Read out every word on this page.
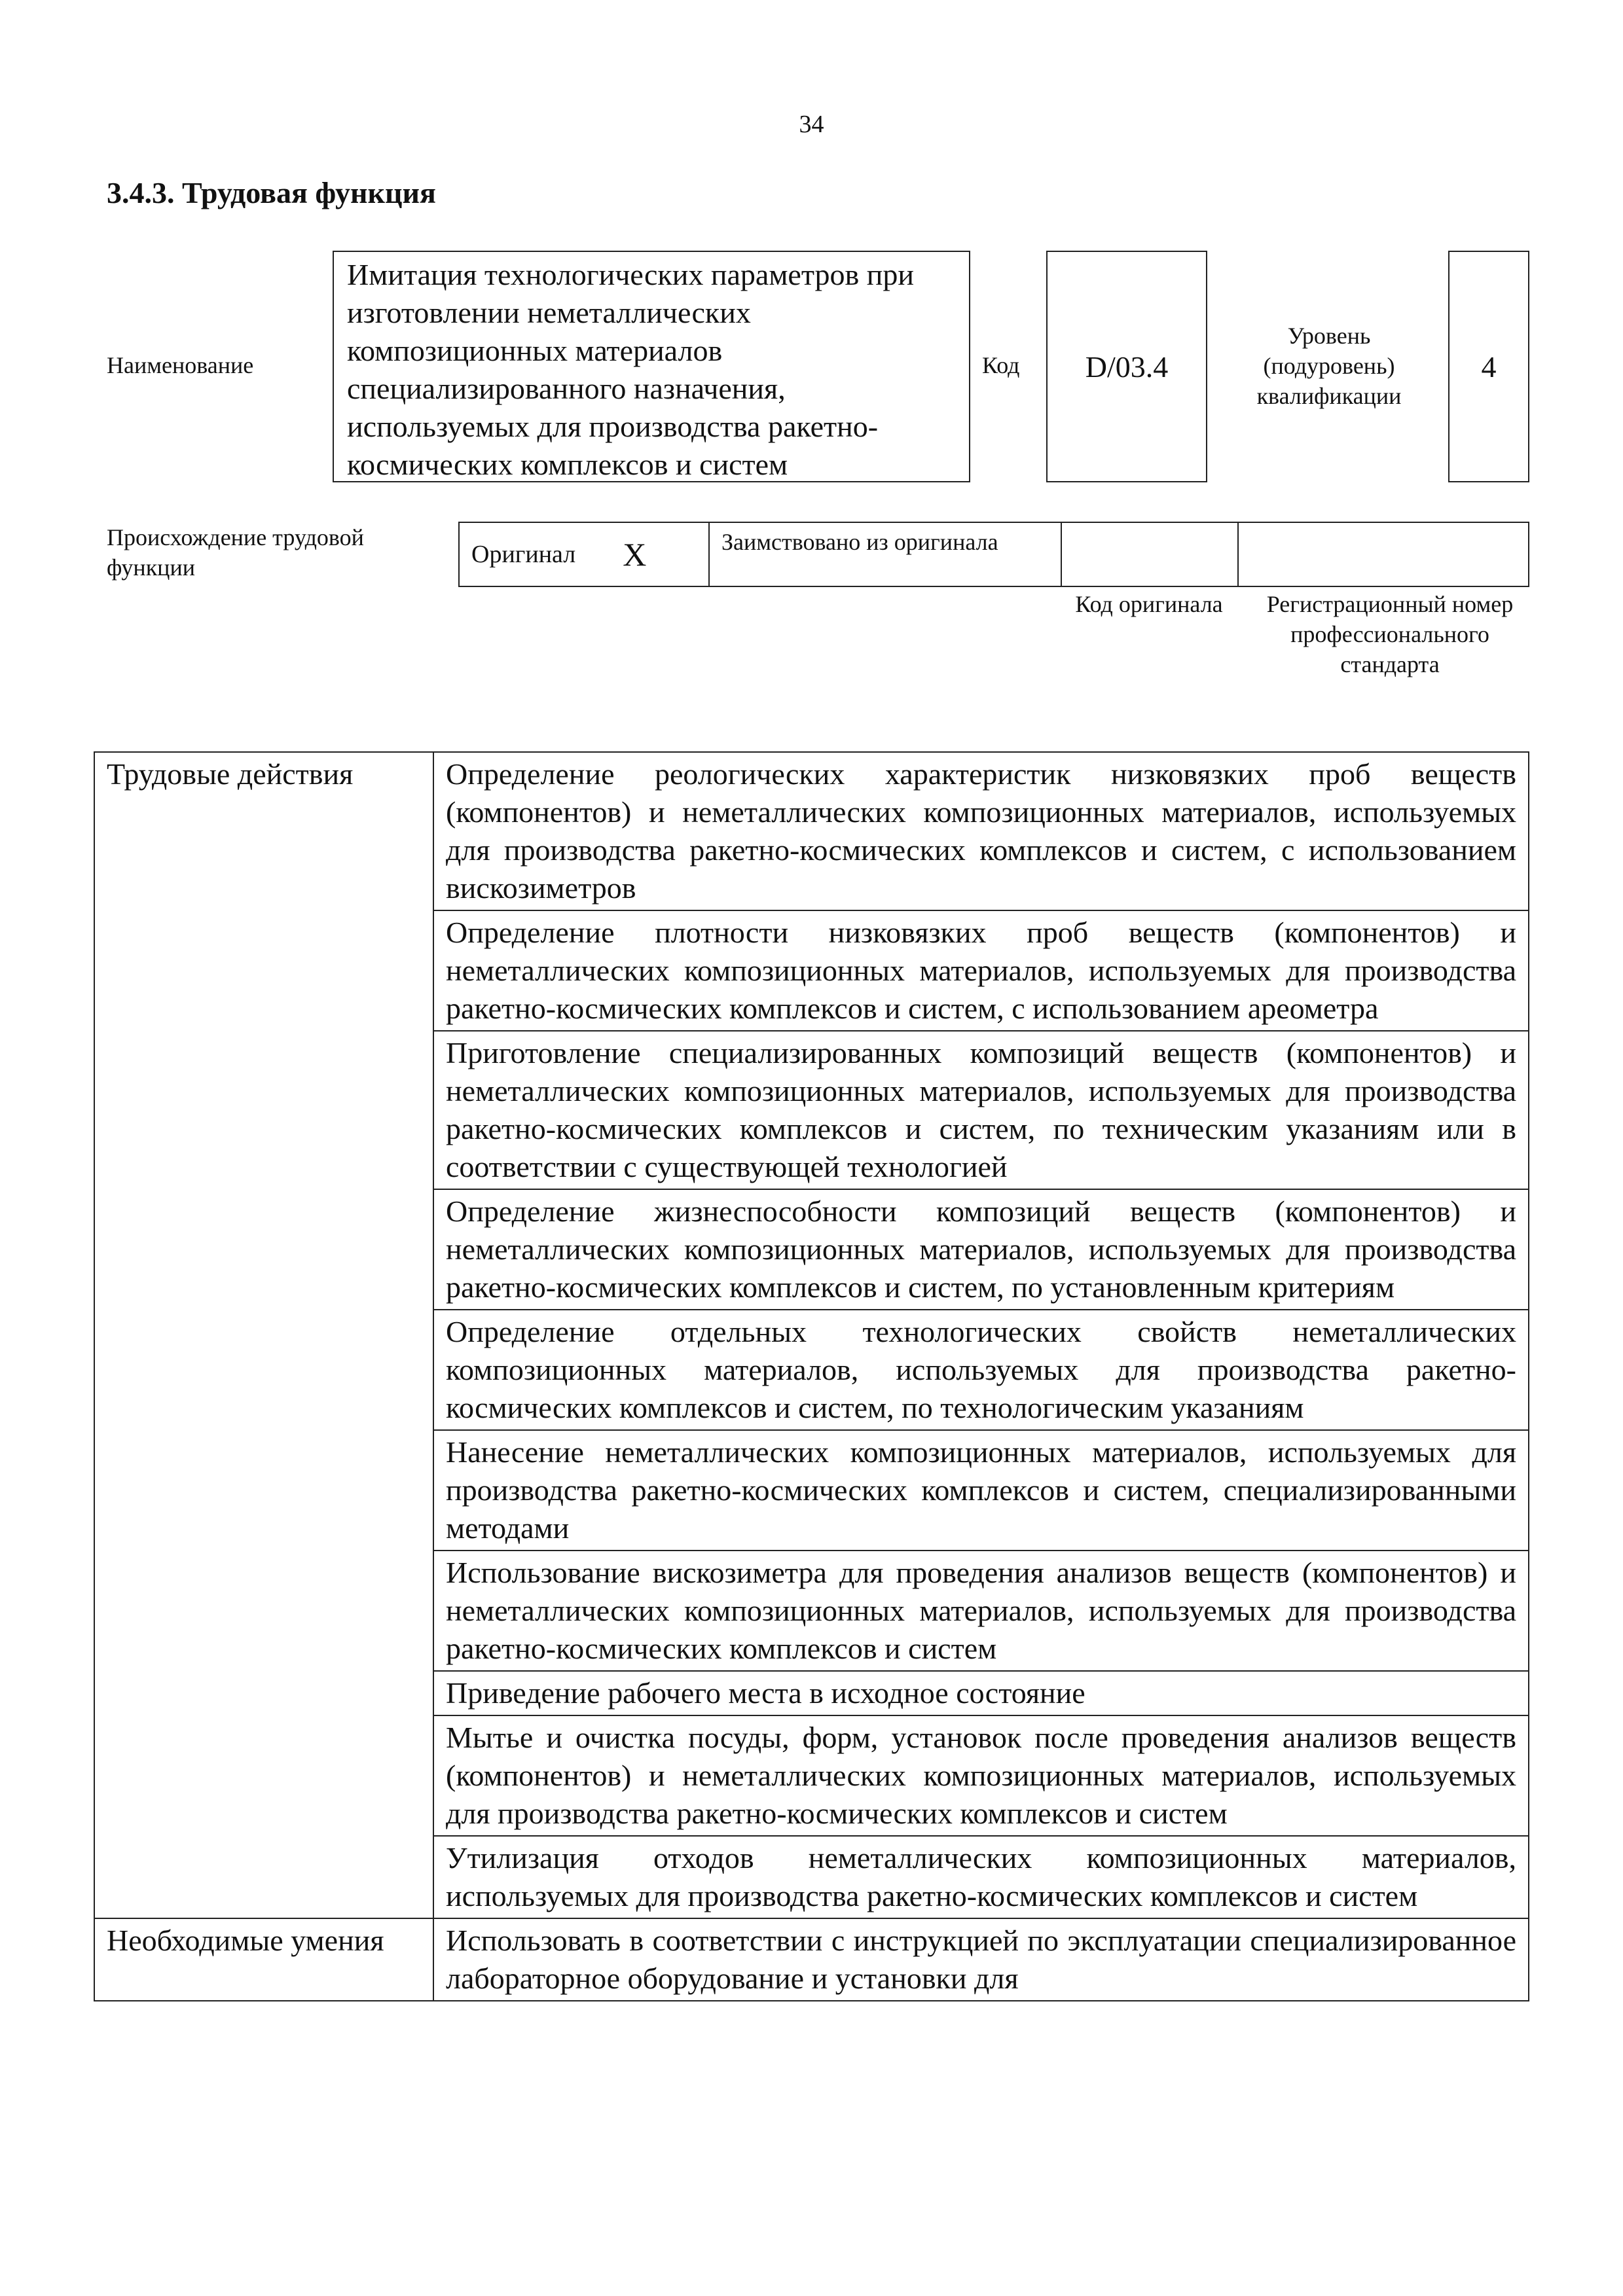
34
3.4.3. Трудовая функция
Наименование
Имитация технологических параметров при изготовлении неметаллических композиционных материалов специализированного назначения, используемых для производства ракетно-космических комплексов и систем
Код D/03.4
Уровень (подуровень) квалификации
4
Происхождение трудовой функции	Оригинал X	Заимствовано из оригинала
Код оригинала	Регистрационный номер профессионального стандарта
Трудовые действия	Определение реологических характеристик низковязких проб веществ (компонентов) и неметаллических композиционных материалов, используемых для производства ракетно-космических комплексов и систем, с использованием вискозиметров
	Определение плотности низковязких проб веществ (компонентов) и неметаллических композиционных материалов, используемых для производства ракетно-космических комплексов и систем, с использованием ареометра
	Приготовление специализированных композиций веществ (компонентов) и неметаллических композиционных материалов, используемых для производства ракетно-космических комплексов и систем, по техническим указаниям или в соответствии с существующей технологией
	Определение жизнеспособности композиций веществ (компонентов) и неметаллических композиционных материалов, используемых для производства ракетно-космических комплексов и систем, по установленным критериям
	Определение отдельных технологических свойств неметаллических композиционных материалов, используемых для производства ракетно-космических комплексов и систем, по технологическим указаниям
	Нанесение неметаллических композиционных материалов, используемых для производства ракетно-космических комплексов и систем, специализированными методами
	Использование вискозиметра для проведения анализов веществ (компонентов) и неметаллических композиционных материалов, используемых для производства ракетно-космических комплексов и систем
	Приведение рабочего места в исходное состояние
	Мытье и очистка посуды, форм, установок после проведения анализов веществ (компонентов) и неметаллических композиционных материалов, используемых для производства ракетно-космических комплексов и систем
	Утилизация отходов неметаллических композиционных материалов, используемых для производства ракетно-космических комплексов и систем
Необходимые умения	Использовать в соответствии с инструкцией по эксплуатации специализированное лабораторное оборудование и установки для
